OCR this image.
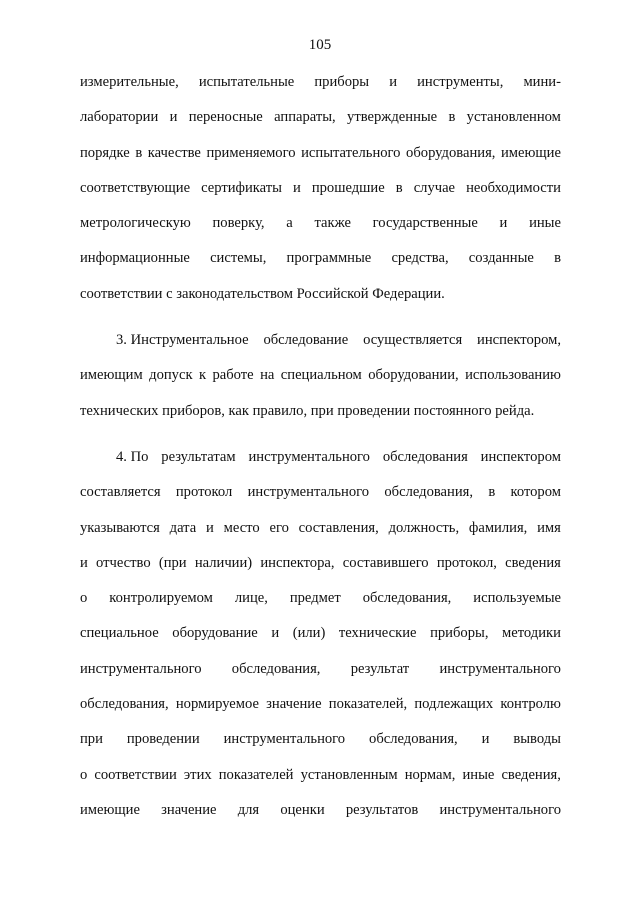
105
измерительные, испытательные приборы и инструменты, мини-
лаборатории и переносные аппараты, утвержденные в установленном
порядке в качестве применяемого испытательного оборудования, имеющие
соответствующие сертификаты и прошедшие в случае необходимости
метрологическую поверку, а также государственные и иные
информационные системы, программные средства, созданные в
соответствии с законодательством Российской Федерации.
3. Инструментальное обследование осуществляется инспектором,
имеющим допуск к работе на специальном оборудовании, использованию
технических приборов, как правило, при проведении постоянного рейда.
4. По результатам инструментального обследования инспектором
составляется протокол инструментального обследования, в котором
указываются дата и место его составления, должность, фамилия, имя
и отчество (при наличии) инспектора, составившего протокол, сведения
о контролируемом лице, предмет обследования, используемые
специальное оборудование и (или) технические приборы, методики
инструментального обследования, результат инструментального
обследования, нормируемое значение показателей, подлежащих контролю
при проведении инструментального обследования, и выводы
о соответствии этих показателей установленным нормам, иные сведения,
имеющие значение для оценки результатов инструментального
